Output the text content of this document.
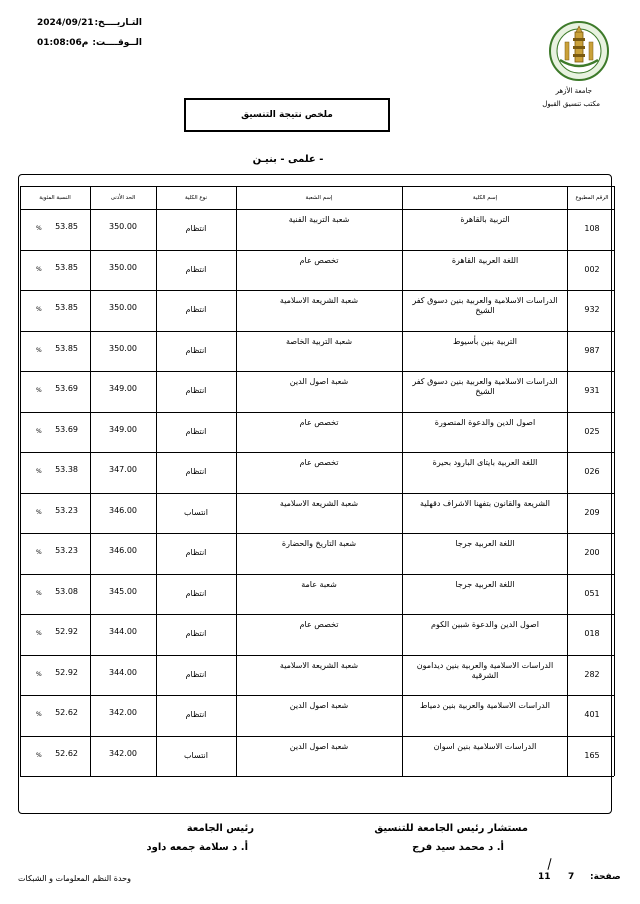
التـاريــــخ:
2024/09/21
الــوقــــت:
01:08:06م
جامعة الأزهر
مكتب تنسيق القبول
ملخص نتيجة التنسيق
- علمى - بنيـن
الرقم المطبوع
إسم الكلية
إسم الشعبة
نوع الكلية
الحد الأدنى
النسبة المئوية
108
التربية بالقاهرة
شعبة التربية الفنية
انتظام
350.00
53.85
%
002
اللغة العربية القاهرة
تخصص عام
انتظام
350.00
53.85
%
932
الدراسات الاسلامية والعربية بنين دسوق كفر الشيخ
شعبة الشريعة الاسلامية
انتظام
350.00
53.85
%
987
التربية بنين بأسيوط
شعبة التربية الخاصة
انتظام
350.00
53.85
%
931
الدراسات الاسلامية والعربية بنين دسوق كفر الشيخ
شعبة اصول الدين
انتظام
349.00
53.69
%
025
اصول الدين والدعوة المنصورة
تخصص عام
انتظام
349.00
53.69
%
026
اللغة العربية بايتاى البارود بحيرة
تخصص عام
انتظام
347.00
53.38
%
209
الشريعة والقانون بتفهنا الاشراف دقهلية
شعبة الشريعة الاسلامية
انتساب
346.00
53.23
%
200
اللغة العربية جرجا
شعبة التاريخ والحضارة
انتظام
346.00
53.23
%
051
اللغة العربية جرجا
شعبة عامة
انتظام
345.00
53.08
%
018
اصول الدين والدعوة شبين الكوم
تخصص عام
انتظام
344.00
52.92
%
282
الدراسات الاسلامية والعربية بنين ديدامون الشرقية
شعبة الشريعة الاسلامية
انتظام
344.00
52.92
%
401
الدراسات الاسلامية والعربية بنين دمياط
شعبة اصول الدين
انتظام
342.00
52.62
%
165
الدراسات الاسلامية بنين اسوان
شعبة اصول الدين
انتساب
342.00
52.62
%
مستشار رئيس الجامعة للتنسيق
أ. د محمد سيد فرج
رئيس الجامعة
أ. د سلامة جمعه داود
وحدة النظم المعلومات و الشبكات	صفحة:
7
11
